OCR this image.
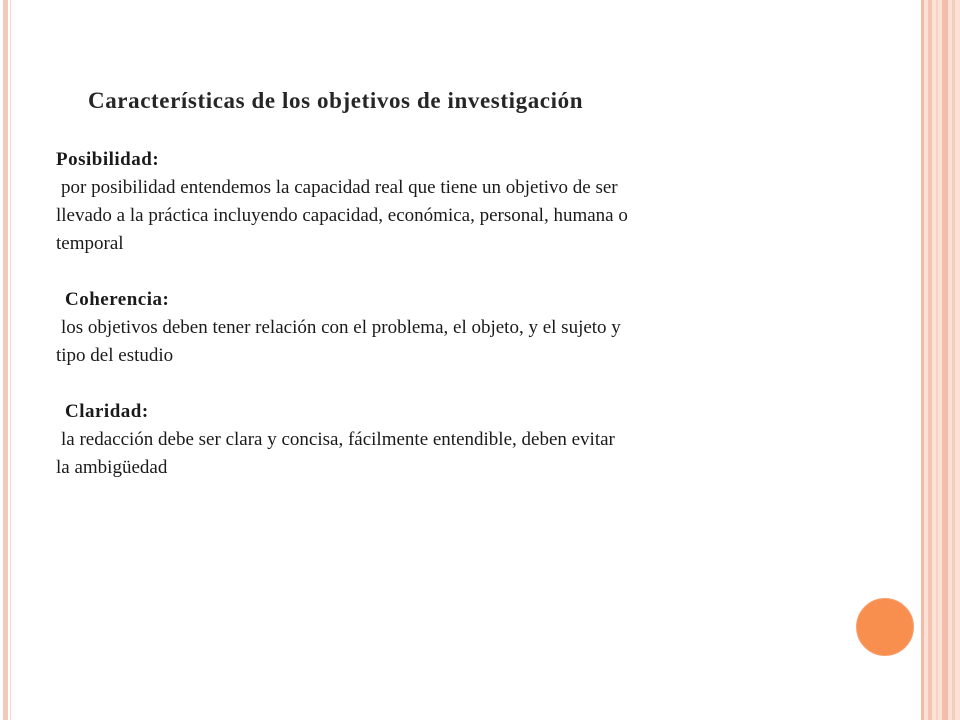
Características de los objetivos de investigación
Posibilidad:
por posibilidad entendemos la capacidad real que tiene un objetivo de ser
llevado a la práctica incluyendo capacidad, económica, personal, humana o
temporal
Coherencia:
los objetivos deben tener relación con el problema, el objeto, y el sujeto y
tipo del estudio
Claridad:
la redacción debe ser clara y concisa, fácilmente entendible, deben evitar
la ambigüedad
